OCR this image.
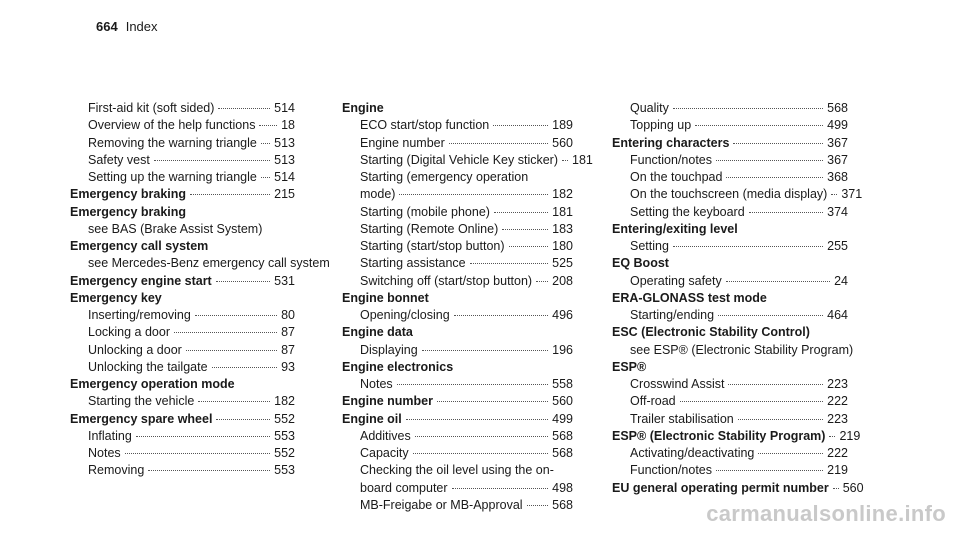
664 Index
First-aid kit (soft sided)	514
Overview of the help functions 18
Removing the warning triangle 513
Safety vest	513
Setting up the warning triangle 514
Emergency braking	215
Emergency braking
see BAS (Brake Assist System)
Emergency call system
see Mercedes-Benz emergency call system
Emergency engine start	531
Emergency key
Inserting/removing	80
Locking a door	87
Unlocking a door	87
Unlocking the tailgate	93
Emergency operation mode
Starting the vehicle	182
Emergency spare wheel	552
Inflating	553
Notes	552
Removing	553
Engine
ECO start/stop function	189
Engine number	560
Starting (Digital Vehicle Key sticker) 181
Starting (emergency operation
mode)	182
Starting (mobile phone)	181
Starting (Remote Online)	183
Starting (start/stop button)	180
Starting assistance	525
Switching off (start/stop button) 208
Engine bonnet
Opening/closing	496
Engine data
Displaying	196
Engine electronics
Notes	558
Engine number	560
Engine oil	499
Additives	568
Capacity	568
Checking the oil level using the on-
board computer	498
MB-Freigabe or MB-Approval 568
Quality	568
Topping up	499
Entering characters	367
Function/notes	367
On the touchpad	368
On the touchscreen (media display) 371
Setting the keyboard	374
Entering/exiting level
Setting	255
EQ Boost
Operating safety	24
ERA-GLONASS test mode
Starting/ending	464
ESC (Electronic Stability Control)
see ESP® (Electronic Stability Program)
ESP®
Crosswind Assist	223
Off-road	222
Trailer stabilisation	223
ESP® (Electronic Stability Program) 219
Activating/deactivating	222
Function/notes	219
EU general operating permit number 560
carmanualsonline.info
